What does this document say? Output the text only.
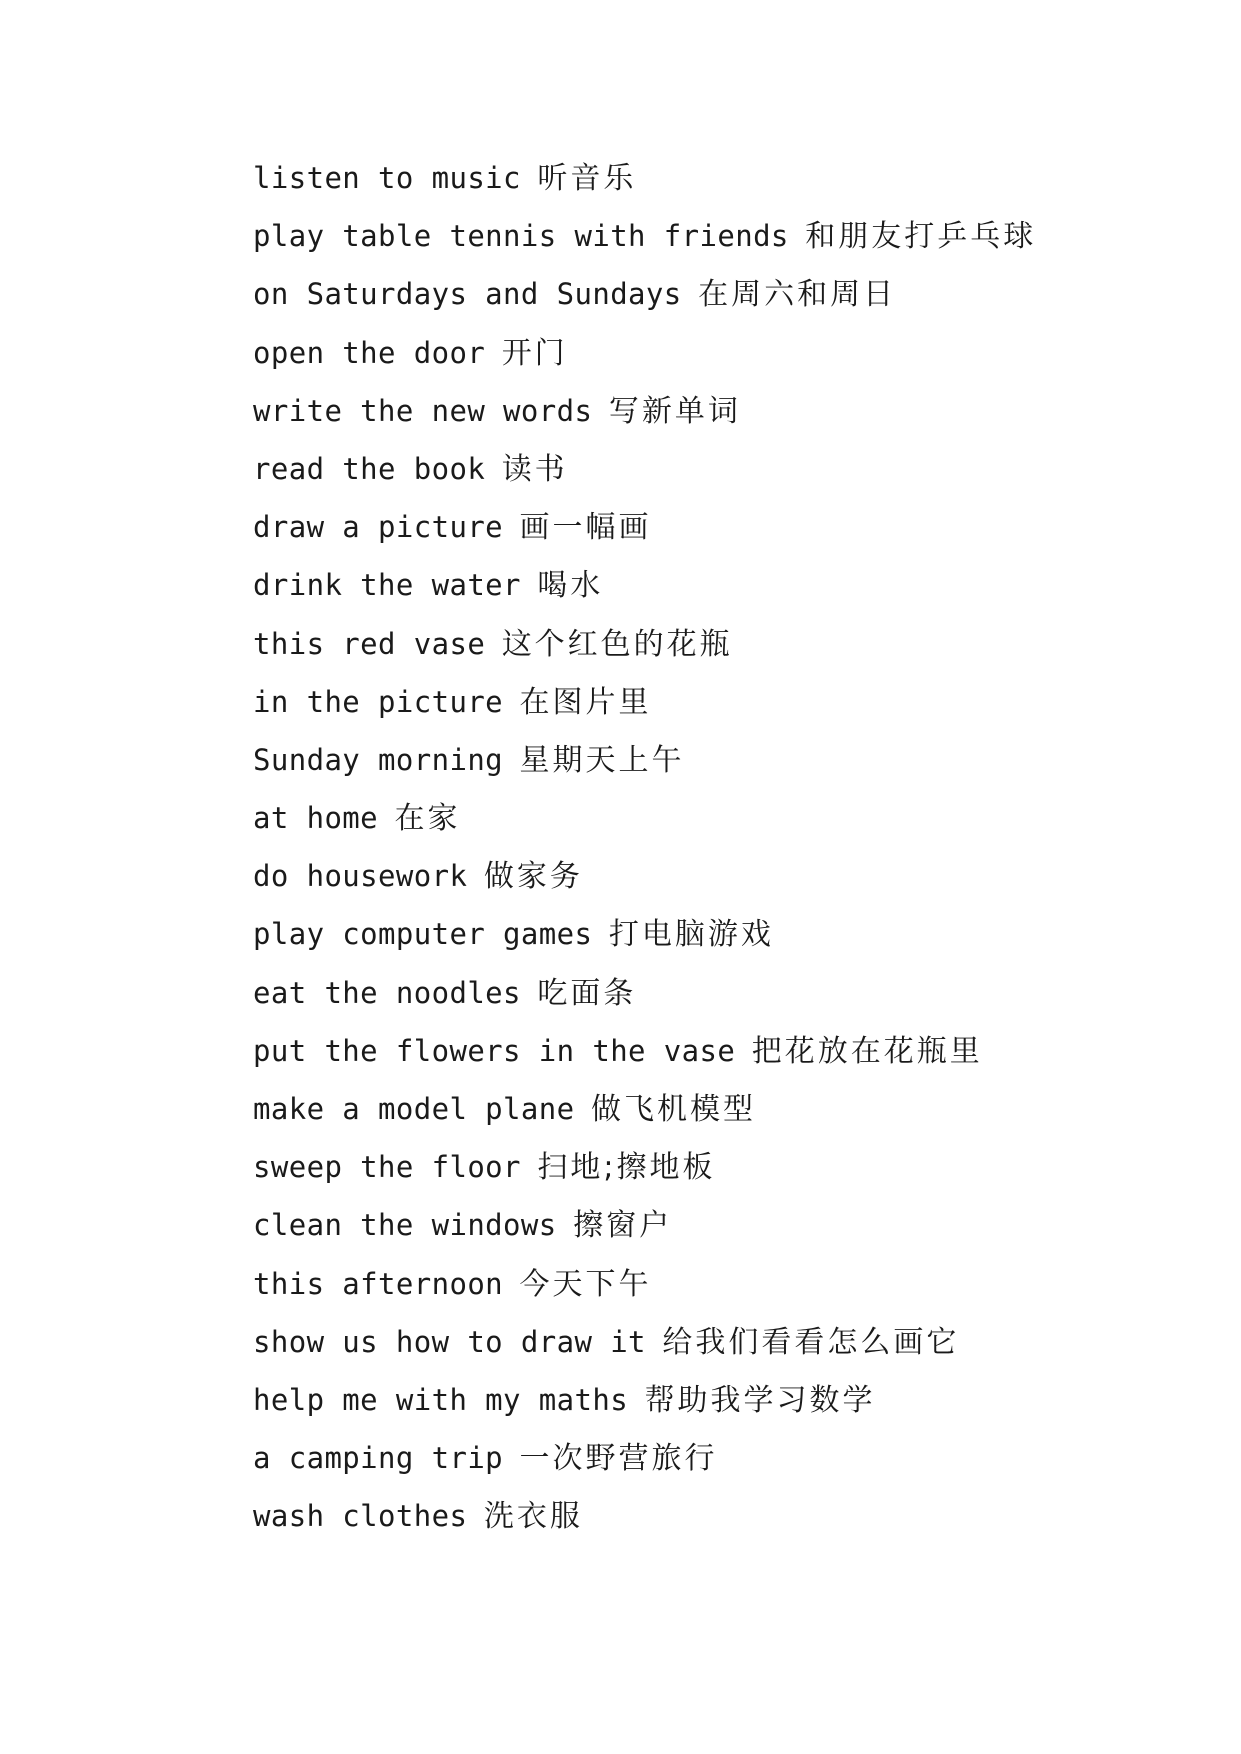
listen to music 听音乐
play table tennis with friends 和朋友打乒乓球
on Saturdays and Sundays 在周六和周日
open the door 开门
write the new words 写新单词
read the book 读书
draw a picture 画一幅画
drink the water 喝水
this red vase 这个红色的花瓶
in the picture 在图片里
Sunday morning 星期天上午
at home 在家
do housework 做家务
play computer games 打电脑游戏
eat the noodles 吃面条
put the flowers in the vase 把花放在花瓶里
make a model plane 做飞机模型
sweep the floor 扫地;擦地板
clean the windows 擦窗户
this afternoon 今天下午
show us how to draw it 给我们看看怎么画它
help me with my maths 帮助我学习数学
a camping trip 一次野营旅行
wash clothes 洗衣服
